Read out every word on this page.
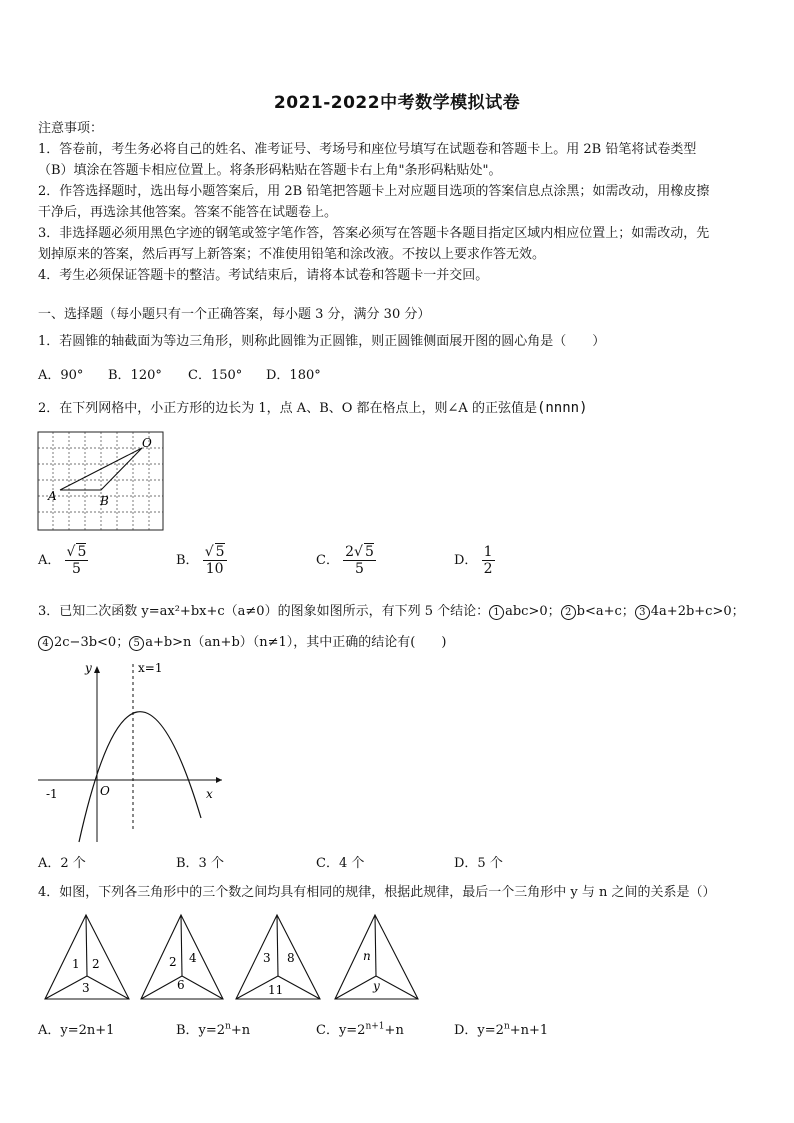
2021-2022中考数学模拟试卷

注意事项：

1．答卷前，考生务必将自己的姓名、准考证号、考场号和座位号填写在试题卷和答题卡上。用 2B 铅笔将试卷类型

（B）填涂在答题卡相应位置上。将条形码粘贴在答题卡右上角"条形码粘贴处"。

2．作答选择题时，选出每小题答案后，用 2B 铅笔把答题卡上对应题目选项的答案信息点涂黑；如需改动，用橡皮擦

干净后，再选涂其他答案。答案不能答在试题卷上。

3．非选择题必须用黑色字迹的钢笔或签字笔作答，答案必须写在答题卡各题目指定区域内相应位置上；如需改动，先

划掉原来的答案，然后再写上新答案；不准使用铅笔和涂改液。不按以上要求作答无效。

4．考生必须保证答题卡的整洁。考试结束后，请将本试卷和答题卡一并交回。

一、选择题（每小题只有一个正确答案，每小题 3 分，满分 30 分）
1．若圆锥的轴截面为等边三角形，则称此圆锥为正圆锥，则正圆锥侧面展开图的圆心角是（　　）
A．90° B．120° C．150° D．180°
2．在下列网格中，小正方形的边长为 1，点 A、B、O 都在格点上，则∠A 的正弦值是(nnnn)
O
A	B
A． $\frac{√ 5}{5}$	B． $\frac{√ 5}{10}$	C． $\frac{2√ 5}{5}$	D． $\frac{1}{2}$
3．已知二次函数 y=ax²+bx+c（a≠0）的图象如图所示，有下列 5 个结论： 1 abc>0； 2 b<a+c； 3 4a+2b+c>0；
4 2c−3b<0； 5 a+b>n（an+b）（n≠1），其中正确的结论有(　　)
y
x
x=1
O
-1
A．2 个	B．3 个	C．4 个	D．5 个
4．如图，下列各三角形中的三个数之间均具有相同的规律，根据此规律，最后一个三角形中 y 与 n 之间的关系是（）
1 2
3
2 4
6
3 8
11
n
y
A．y=2n+1	B．$y=2^n+n$	C．$y=2^{n+1}+n$	D．$y=2^n+n+1$
